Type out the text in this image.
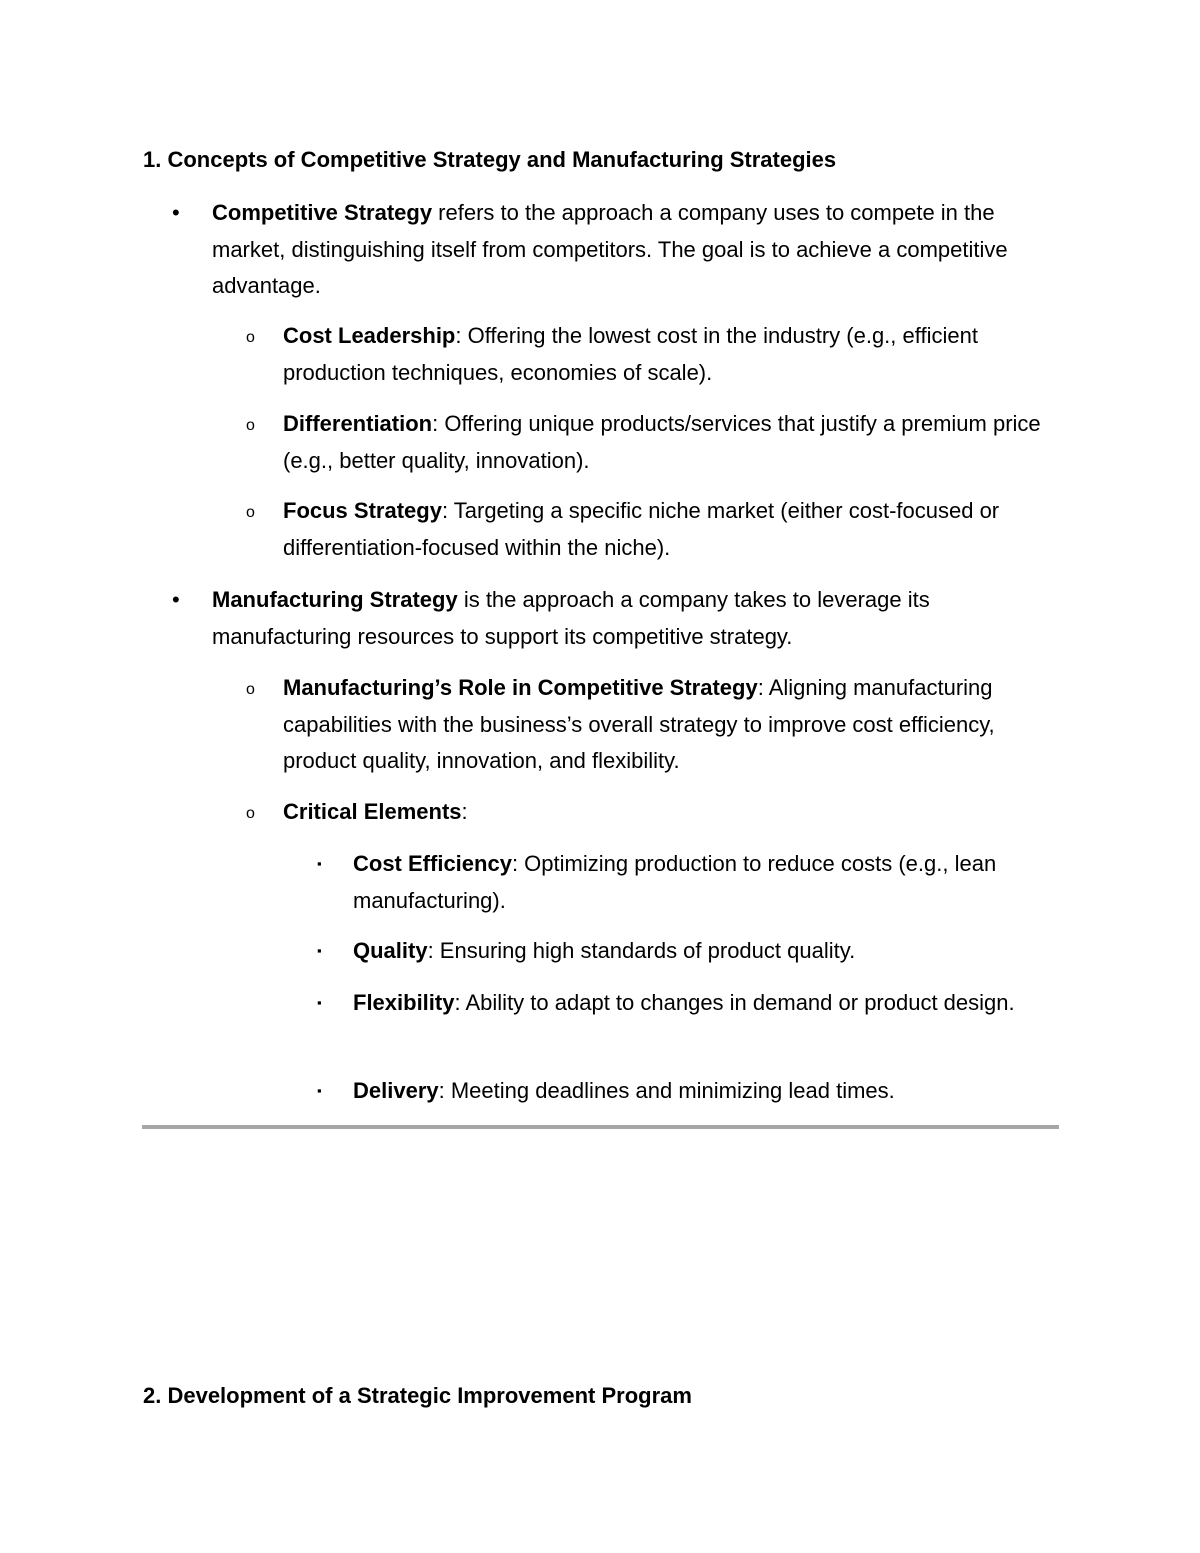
1. Concepts of Competitive Strategy and Manufacturing Strategies
• Competitive Strategy refers to the approach a company uses to compete in the market, distinguishing itself from competitors. The goal is to achieve a competitive advantage.
o Cost Leadership: Offering the lowest cost in the industry (e.g., efficient production techniques, economies of scale).
o Differentiation: Offering unique products/services that justify a premium price (e.g., better quality, innovation).
o Focus Strategy: Targeting a specific niche market (either cost-focused or differentiation-focused within the niche).
• Manufacturing Strategy is the approach a company takes to leverage its manufacturing resources to support its competitive strategy.
o Manufacturing’s Role in Competitive Strategy: Aligning manufacturing capabilities with the business’s overall strategy to improve cost efficiency, product quality, innovation, and flexibility.
o Critical Elements:
▪ Cost Efficiency: Optimizing production to reduce costs (e.g., lean manufacturing).
▪ Quality: Ensuring high standards of product quality.
▪ Flexibility: Ability to adapt to changes in demand or product design.
▪ Delivery: Meeting deadlines and minimizing lead times.
2. Development of a Strategic Improvement Program
